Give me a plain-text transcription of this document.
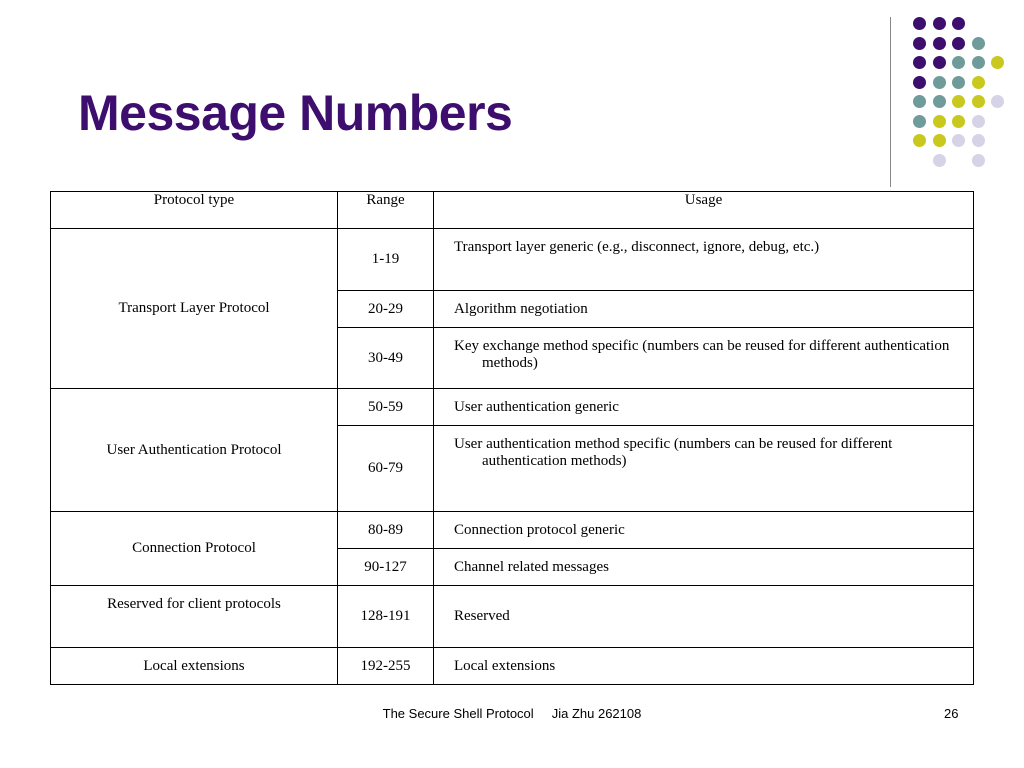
Message Numbers
Protocol type	Range	Usage
Transport Layer Protocol	1-19	Transport layer generic (e.g., disconnect, ignore, debug, etc.)

	20-29	Algorithm negotiation

	30-49	Key exchange method specific (numbers can be reused for different authentication methods)

User Authentication Protocol	50-59	User authentication generic

	60-79	User authentication method specific (numbers can be reused for different authentication methods)

Connection Protocol	80-89	Connection protocol generic

	90-127	Channel related messages

Reserved for client protocols	128-191	Reserved

Local extensions	192-255	Local extensions
The Secure Shell Protocol     Jia Zhu 262108	26
